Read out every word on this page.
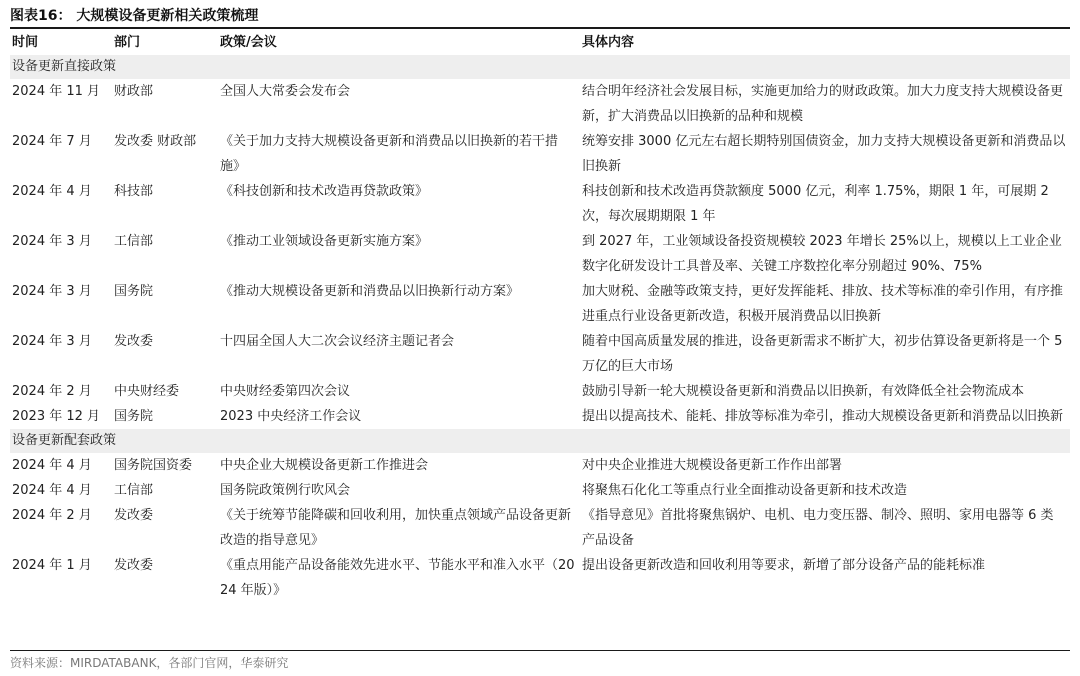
图表16： 大规模设备更新相关政策梳理
时间	部门	政策/会议	具体内容
设备更新直接政策			
2024 年 11 月	财政部	全国人大常委会发布会	结合明年经济社会发展目标，实施更加给力的财政政策。加大力度支持大规模设备更新，扩大消费品以旧换新的品种和规模
2024 年 7 月	发改委 财政部	《关于加力支持大规模设备更新和消费品以旧换新的若干措施》	统筹安排 3000 亿元左右超长期特别国债资金，加力支持大规模设备更新和消费品以旧换新
2024 年 4 月	科技部	《科技创新和技术改造再贷款政策》	科技创新和技术改造再贷款额度 5000 亿元，利率 1.75%，期限 1 年，可展期 2 次，每次展期期限 1 年
2024 年 3 月	工信部	《推动工业领域设备更新实施方案》	到 2027 年，工业领域设备投资规模较 2023 年增长 25%以上，规模以上工业企业数字化研发设计工具普及率、关键工序数控化率分别超过 90%、75%
2024 年 3 月	国务院	《推动大规模设备更新和消费品以旧换新行动方案》	加大财税、金融等政策支持，更好发挥能耗、排放、技术等标准的牵引作用，有序推进重点行业设备更新改造，积极开展消费品以旧换新
2024 年 3 月	发改委	十四届全国人大二次会议经济主题记者会	随着中国高质量发展的推进，设备更新需求不断扩大，初步估算设备更新将是一个 5 万亿的巨大市场
2024 年 2 月	中央财经委	中央财经委第四次会议	鼓励引导新一轮大规模设备更新和消费品以旧换新，有效降低全社会物流成本
2023 年 12 月	国务院	2023 中央经济工作会议	提出以提高技术、能耗、排放等标准为牵引，推动大规模设备更新和消费品以旧换新
设备更新配套政策			
2024 年 4 月	国务院国资委	中央企业大规模设备更新工作推进会	对中央企业推进大规模设备更新工作作出部署
2024 年 4 月	工信部	国务院政策例行吹风会	将聚焦石化化工等重点行业全面推动设备更新和技术改造
2024 年 2 月	发改委	《关于统筹节能降碳和回收利用，加快重点领域产品设备更新改造的指导意见》	《指导意见》首批将聚焦锅炉、电机、电力变压器、制冷、照明、家用电器等 6 类产品设备
2024 年 1 月	发改委	《重点用能产品设备能效先进水平、节能水平和准入水平（2024 年版）》	提出设备更新改造和回收利用等要求，新增了部分设备产品的能耗标准
资料来源：MIRDATABANK，各部门官网，华泰研究
